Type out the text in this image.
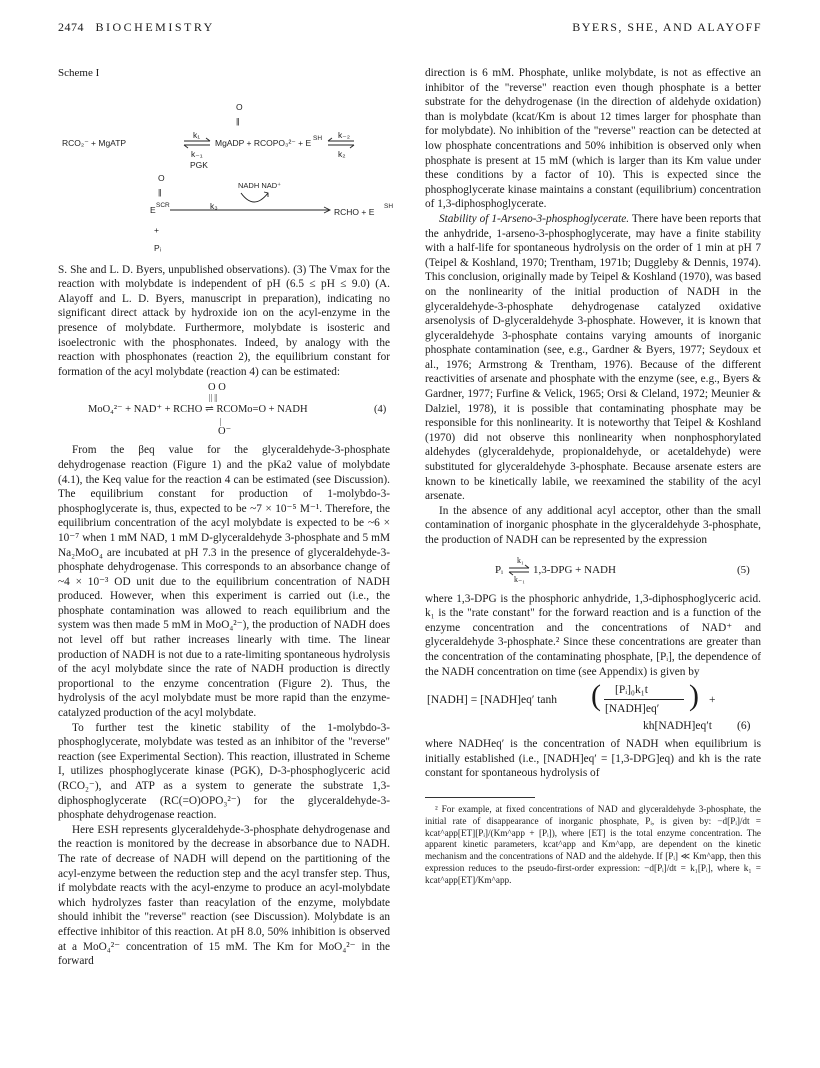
2474 BIOCHEMISTRY	BYERS, SHE, AND ALAYOFF
Scheme I
O
||
RCO₂⁻ + MgATP
k₁
k₋₁
PGK
MgADP + RCOPO₃²⁻ + E SH k₋₂
k₂
O
||
E SCR	k₃
NADH NAD⁺
RCHO + E
SH
+
Pᵢ

S. She and L. D. Byers, unpublished observations). (3) The Vmax for the reaction with molybdate is independent of pH (6.5 ≤ pH ≤ 9.0) (A. Alayoff and L. D. Byers, manuscript in preparation), indicating no significant direct attack by hydroxide ion on the acyl-enzyme in the presence of molybdate. Furthermore, molybdate is isosteric and isoelectronic with the phosphonates. Indeed, by analogy with the reaction with phosphonates (reaction 2), the equilibrium constant for formation of the acyl molybdate (reaction 4) can be estimated:

O O
|| ||
MoO₄²⁻ + NAD⁺ + RCHO ⇌ RCOMo=O + NADH	(4)
|
O⁻

From the βeq value for the glyceraldehyde-3-phosphate dehydrogenase reaction (Figure 1) and the pKa2 value of molybdate (4.1), the Keq value for the reaction 4 can be estimated (see Discussion). The equilibrium constant for production of 1-molybdo-3-phosphoglycerate is, thus, expected to be ~7 × 10⁻⁵ M⁻¹. Therefore, the equilibrium concentration of the acyl molybdate is expected to be ~6 × 10⁻⁷ when 1 mM NAD, 1 mM D-glyceraldehyde 3-phosphate and 5 mM Na₂MoO₄ are incubated at pH 7.3 in the presence of glyceraldehyde-3-phosphate dehydrogenase. This corresponds to an absorbance change of ~4 × 10⁻³ OD unit due to the equilibrium concentration of NADH produced. However, when this experiment is carried out (i.e., the phosphate contamination was allowed to reach equilibrium and the system was then made 5 mM in MoO₄²⁻), the production of NADH does not level off but rather increases linearly with time. The linear production of NADH is not due to a rate-limiting spontaneous hydrolysis of the acyl molybdate since the rate of NADH production is directly proportional to the enzyme concentration (Figure 2). Thus, the hydrolysis of the acyl molybdate must be more rapid than the enzyme-catalyzed production of the acyl molybdate.

To further test the kinetic stability of the 1-molybdo-3-phosphoglycerate, molybdate was tested as an inhibitor of the "reverse" reaction (see Experimental Section). This reaction, illustrated in Scheme I, utilizes phosphoglycerate kinase (PGK), D-3-phosphoglyceric acid (RCO₂⁻), and ATP as a system to generate the substrate 1,3-diphosphoglycerate (RC(=O)OPO₃²⁻) for the glyceraldehyde-3-phosphate dehydrogenase reaction.

Here ESH represents glyceraldehyde-3-phosphate dehydrogenase and the reaction is monitored by the decrease in absorbance due to NADH. The rate of decrease of NADH will depend on the partitioning of the acyl-enzyme between the reduction step and the acyl transfer step. Thus, if molybdate reacts with the acyl-enzyme to produce an acyl-molybdate which hydrolyzes faster than reacylation of the enzyme, molybdate should inhibit the "reverse" reaction (see Discussion). Molybdate is an effective inhibitor of this reaction. At pH 8.0, 50% inhibition is observed at a MoO₄²⁻ concentration of 15 mM. The Km for MoO₄²⁻ in the forward

direction is 6 mM. Phosphate, unlike molybdate, is not as effective an inhibitor of the "reverse" reaction even though phosphate is a better substrate for the dehydrogenase (in the direction of aldehyde oxidation) than is molybdate (kcat/Km is about 12 times larger for phosphate than for molybdate). No inhibition of the "reverse" reaction can be detected at low phosphate concentrations and 50% inhibition is observed only when phosphate is present at 15 mM (which is larger than its Km value under these conditions by a factor of 10). This is expected since the phosphoglycerate kinase maintains a constant (equilibrium) concentration of 1,3-diphosphoglycerate.

Stability of 1-Arseno-3-phosphoglycerate. There have been reports that the anhydride, 1-arseno-3-phosphoglycerate, may have a finite stability with a half-life for spontaneous hydrolysis on the order of 1 min at pH 7 (Teipel & Koshland, 1970; Trentham, 1971b; Duggleby & Dennis, 1974). This conclusion, originally made by Teipel & Koshland (1970), was based on the nonlinearity of the initial production of NADH in the glyceraldehyde-3-phosphate dehydrogenase catalyzed oxidative arsenolysis of D-glyceraldehyde 3-phosphate. However, it is known that glyceraldehyde 3-phosphate contains varying amounts of inorganic phosphate contamination (see, e.g., Gardner & Byers, 1977; Seydoux et al., 1976; Armstrong & Trentham, 1976). Because of the different reactivities of arsenate and phosphate with the enzyme (see, e.g., Byers & Gardner, 1977; Furfine & Velick, 1965; Orsi & Cleland, 1972; Meunier & Dalziel, 1978), it is possible that contaminating phosphate may be responsible for this nonlinearity. It is noteworthy that Teipel & Koshland (1970) did not observe this nonlinearity when nonphosphorylated aldehydes (glyceraldehyde, propionaldehyde, or acetaldehyde) were substituted for glyceraldehyde 3-phosphate. Because arsenate esters are known to be kinetically labile, we reexamined the stability of the acyl arsenate.

In the absence of any additional acyl acceptor, other than the small contamination of inorganic phosphate in the glyceraldehyde 3-phosphate, the production of NADH can be represented by the expression

k₁
Pᵢ
k₋₁
1,3-DPG + NADH	(5)

where 1,3-DPG is the phosphoric anhydride, 1,3-diphosphoglyceric acid. k₁ is the "rate constant" for the forward reaction and is a function of the enzyme concentration and the concentrations of NAD⁺ and glyceraldehyde 3-phosphate.² Since these concentrations are greater than the concentration of the contaminating phosphate, [Pᵢ], the dependence of the NADH concentration on time (see Appendix) is given by

[NADH] = [NADH]eq′ tanh ( [Pᵢ]₀k₁t
[NADH]eq′ ) +
kh[NADH]eq′t (6)

where NADHeq′ is the concentration of NADH when equilibrium is initially established (i.e., [NADH]eq′ = [1,3-DPG]eq) and kh is the rate constant for spontaneous hydrolysis of

² For example, at fixed concentrations of NAD and glyceraldehyde 3-phosphate, the initial rate of disappearance of inorganic phosphate, Pᵢ, is given by: −d[Pᵢ]/dt = kcat^app[ET][Pᵢ]/(Km^app + [Pᵢ]), where [ET] is the total enzyme concentration. The apparent kinetic parameters, kcat^app and Km^app, are dependent on the kinetic mechanism and the concentrations of NAD and the aldehyde. If [Pᵢ] ≪ Km^app, then this expression reduces to the pseudo-first-order expression: −d[Pᵢ]/dt = k₁[Pᵢ], where k₁ = kcat^app[ET]/Km^app.
